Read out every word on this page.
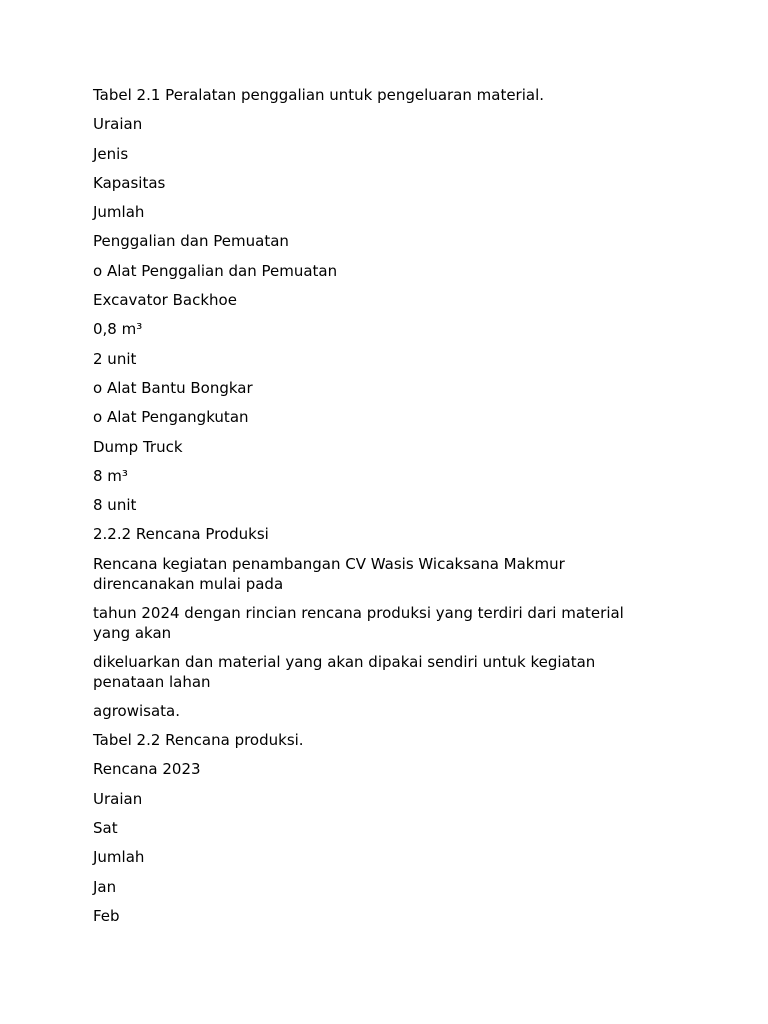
Tabel 2.1 Peralatan penggalian untuk pengeluaran material.

Uraian

Jenis

Kapasitas

Jumlah

Penggalian dan Pemuatan

o Alat Penggalian dan Pemuatan

Excavator Backhoe

0,8 m³

2 unit

o Alat Bantu Bongkar

o Alat Pengangkutan

Dump Truck

8 m³

8 unit

2.2.2 Rencana Produksi

Rencana kegiatan penambangan CV Wasis Wicaksana Makmur
direncanakan mulai pada

tahun 2024 dengan rincian rencana produksi yang terdiri dari material
yang akan

dikeluarkan dan material yang akan dipakai sendiri untuk kegiatan
penataan lahan

agrowisata.

Tabel 2.2 Rencana produksi.

Rencana 2023

Uraian

Sat

Jumlah

Jan

Feb
